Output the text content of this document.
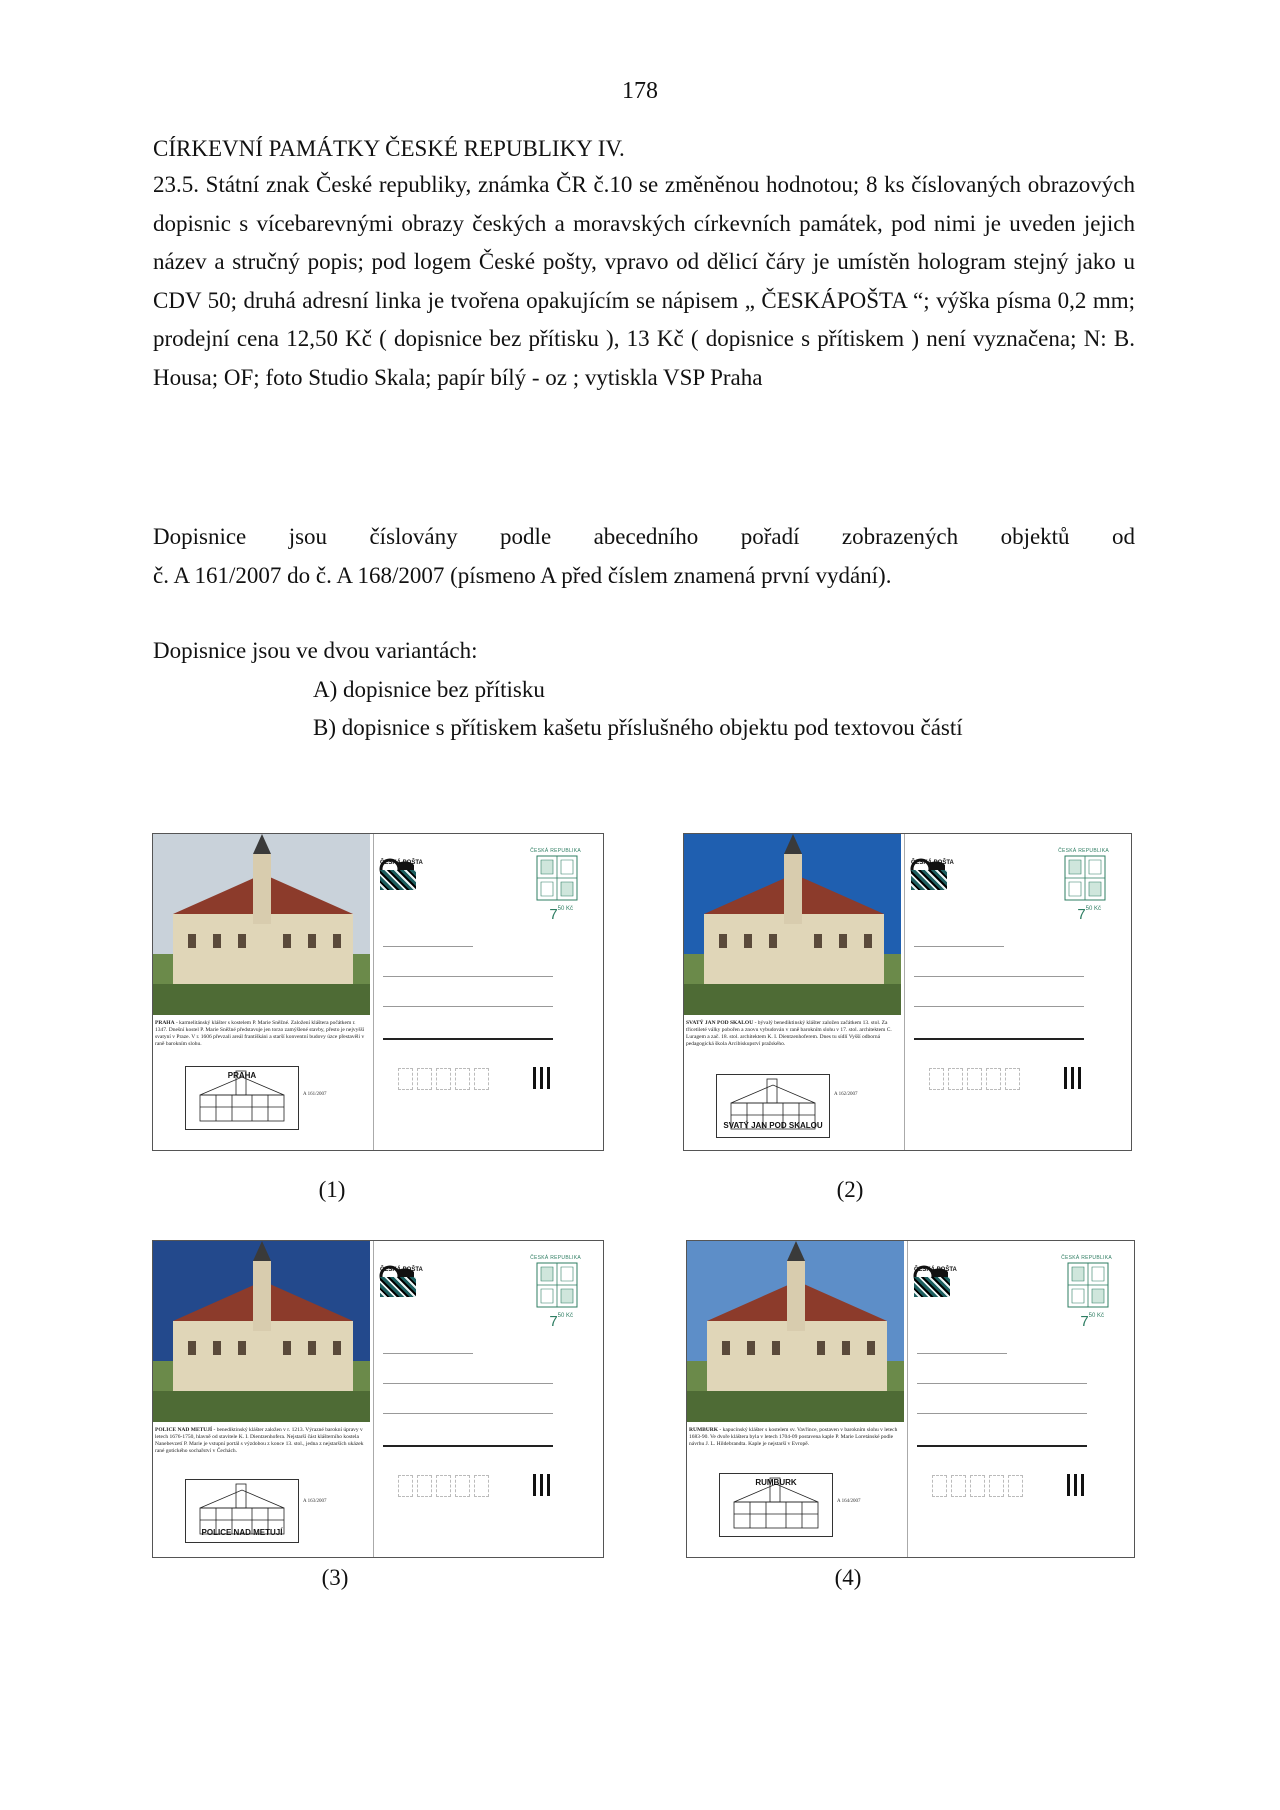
178
CÍRKEVNÍ PAMÁTKY ČESKÉ REPUBLIKY IV.
23.5. Státní znak České republiky, známka ČR č.10 se změněnou hodnotou; 8 ks číslovaných obrazových dopisnic s vícebarevnými obrazy českých a moravských církevních památek, pod nimi je uveden jejich název a stručný popis; pod logem České pošty, vpravo od dělicí čáry je umístěn hologram stejný jako u CDV 50; druhá adresní linka je tvořena opakujícím se nápisem „ ČESKÁPOŠTA “; výška písma 0,2 mm; prodejní cena 12,50 Kč ( dopisnice bez přítisku ), 13 Kč ( dopisnice s přítiskem ) není vyznačena; N: B. Housa; OF; foto Studio Skala; papír bílý - oz ; vytiskla VSP Praha
Dopisnice jsou číslovány podle abecedního pořadí zobrazených objektů od
č. A 161/2007 do č. A 168/2007 (písmeno A před číslem znamená první vydání).
Dopisnice jsou ve dvou variantách:
A) dopisnice bez přítisku
B) dopisnice s přítiskem kašetu příslušného objektu pod textovou částí
PRAHA - karmelitánský klášter s kostelem P. Marie Sněžné. Založení kláštera počátkem r. 1347. Dnešní kostel P. Marie Sněžné představuje jen torzo zamýšlené stavby, přesto je nejvyšší svatyní v Praze. V r. 1606 převzali areál františkáni a starší konventní budovy úzce přestavěli v raně barokním slohu.
ČESKÁ POŠTA
ČESKÁ REPUBLIKA
$7^{50 Kč}$
A 161/2007
PRAHA
(1)
SVATÝ JAN POD SKALOU - bývalý benediktinský klášter založen začátkem 13. stol. Za třicetileté války pobořen a znovu vybudován v raně barokním slohu v 17. stol. architektem C. Luragem a zač. 18. stol. architektem K. I. Dientzenhoferem. Dnes tu sídlí Vyšší odborná pedagogická škola Arcibiskupství pražského.
ČESKÁ POŠTA
ČESKÁ REPUBLIKA
$7^{50 Kč}$
A 162/2007
SVATÝ JAN POD SKALOU
(2)
POLICE NAD METUJÍ - benediktinský klášter založen v r. 1213. Výrazné barokní úpravy v letech 1676-1750, hlavně od stavitele K. I. Dientzenhofera. Nejstarší část klášterního kostela Nanebevzetí P. Marie je vstupní portál s výzdobou z konce 13. stol., jedna z nejstarších ukázek rané gotického sochařství v Čechách.
ČESKÁ POŠTA
ČESKÁ REPUBLIKA
$7^{50 Kč}$
A 163/2007
POLICE NAD METUJÍ
(3)
RUMBURK - kapucínský klášter s kostelem sv. Vavřince, postaven v barokním slohu v letech 1683-90. Ve dvoře kláštera byla v letech 1704-09 postavena kaple P. Marie Loretánské podle návrhu J. L. Hildebrandta. Kaple je nejstarší v Evropě.
ČESKÁ POŠTA
ČESKÁ REPUBLIKA
$7^{50 Kč}$
A 164/2007
RUMBURK
(4)
